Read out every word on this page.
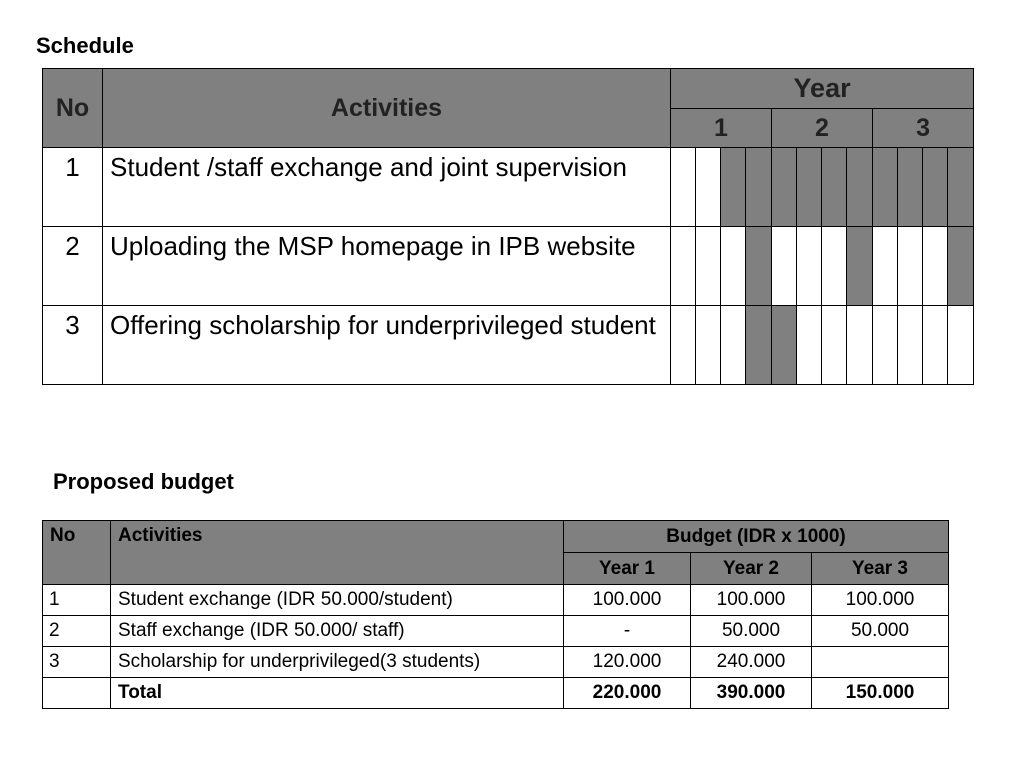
Schedule
No	Activities	Year											
		1				2				3			
1	Student /staff exchange and joint supervision												
2	Uploading the MSP homepage in IPB website												
3	Offering scholarship for underprivileged student												
Proposed budget
No	Activities	Budget (IDR x 1000)		
		Year 1	Year 2	Year 3
1	Student exchange (IDR 50.000/student)	100.000	100.000	100.000
2	Staff exchange (IDR 50.000/ staff)	-	50.000	50.000
3	Scholarship for underprivileged(3 students)	120.000	240.000	
	Total	220.000	390.000	150.000
